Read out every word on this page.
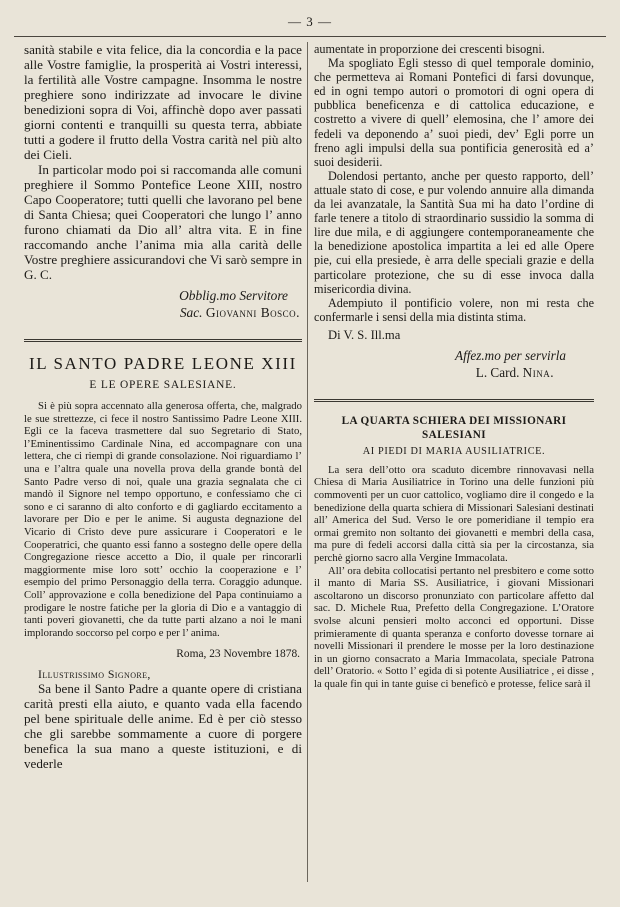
— 3 —

sanità stabile e vita felice, dia la concordia e la pace alle Vostre famiglie, la prosperità ai Vostri interessi, la fertilità alle Vostre campagne. Insomma le nostre preghiere sono indirizzate ad invocare le divine benedizioni sopra di Voi, affinchè dopo aver passati giorni contenti e tranquilli su questa terra, abbiate tutti a godere il frutto della Vostra carità nel più alto dei Cieli.

In particolar modo poi si raccomanda alle comuni preghiere il Sommo Pontefice Leone XIII, nostro Capo Cooperatore; tutti quelli che lavorano pel bene di Santa Chiesa; quei Cooperatori che lungo l’ anno furono chiamati da Dio all’ altra vita. E in fine raccomando anche l’anima mia alla carità delle Vostre preghiere assicurandovi che Vi sarò sempre in G. C.

Obblig.mo Servitore
Sac. Giovanni Bosco.
IL SANTO PADRE LEONE XIII
E LE OPERE SALESIANE.

Si è più sopra accennato alla generosa offerta, che, malgrado le sue strettezze, ci fece il nostro Santissimo Padre Leone XIII. Egli ce la faceva trasmettere dal suo Segretario di Stato, l’Eminentissimo Cardinale Nina, ed accompagnare con una lettera, che ci riempì di grande consolazione. Noi riguardiamo l’ una e l’altra quale una novella prova della grande bontà del Santo Padre verso di noi, quale una grazia segnalata che ci mandò il Signore nel tempo opportuno, e confessiamo che ci sono e ci saranno di alto conforto e di gagliardo eccitamento a lavorare per Dio e per le anime. Si augusta degnazione del Vicario di Cristo deve pure assicurare i Cooperatori e le Cooperatrici, che quanto essi fanno a sostegno delle opere della Congregazione riesce accetto a Dio, il quale per rincorarli maggiormente mise loro sott’ occhio la cooperazione e l’ esempio del primo Personaggio della terra. Coraggio adunque. Coll’ approvazione e colla benedizione del Papa continuiamo a prodigare le nostre fatiche per la gloria di Dio e a vantaggio di tanti poveri giovanetti, che da tutte parti alzano a noi le mani implorando soccorso pel corpo e per l’ anima.

Roma, 23 Novembre 1878.
Illustrissimo Signore,

Sa bene il Santo Padre a quante opere di cristiana carità presti ella aiuto, e quanto vada ella facendo pel bene spirituale delle anime. Ed è per ciò stesso che gli sarebbe sommamente a cuore di porgere benefica la sua mano a queste istituzioni, e di vederle

aumentate in proporzione dei crescenti bisogni.

Ma spogliato Egli stesso di quel temporale dominio, che permetteva ai Romani Pontefici di farsi dovunque, ed in ogni tempo autori o promotori di ogni opera di pubblica beneficenza e di cattolica educazione, e costretto a vivere di quell’ elemosina, che l’ amore dei fedeli va deponendo a’ suoi piedi, dev’ Egli porre un freno agli impulsi della sua pontificia generosità ed a’ suoi desiderii.

Dolendosi pertanto, anche per questo rapporto, dell’ attuale stato di cose, e pur volendo annuire alla dimanda da lei avanzatale, la Santità Sua mi ha dato l’ordine di farle tenere a titolo di straordinario sussidio la somma di lire due mila, e di aggiungere contemporaneamente che la benedizione apostolica impartita a lei ed alle Opere pie, cui ella presiede, è arra delle speciali grazie e della particolare protezione, che su di esse invoca dalla misericordia divina.

Adempiuto il pontificio volere, non mi resta che confermarle i sensi della mia distinta stima.

Di V. S. Ill.ma
Affez.mo per servirla
L. Card. Nina.
LA QUARTA SCHIERA DEI MISSIONARI SALESIANI
AI PIEDI DI MARIA AUSILIATRICE.

La sera dell’otto ora scaduto dicembre rinnovavasi nella Chiesa di Maria Ausiliatrice in Torino una delle funzioni più commoventi per un cuor cattolico, vogliamo dire il congedo e la benedizione della quarta schiera di Missionari Salesiani destinati all’ America del Sud. Verso le ore pomeridiane il tempio era ormai gremito non soltanto dei giovanetti e membri della casa, ma pure di fedeli accorsi dalla città sia per la circostanza, sia perchè giorno sacro alla Vergine Immacolata.

All’ ora debita collocatisi pertanto nel presbitero e come sotto il manto di Maria SS. Ausiliatrice, i giovani Missionari ascoltarono un discorso pronunziato con particolare affetto dal sac. D. Michele Rua, Prefetto della Congregazione. L’Oratore svolse alcuni pensieri molto acconci ed opportuni. Disse primieramente di quanta speranza e conforto dovesse tornare ai novelli Missionari il prendere le mosse per la loro destinazione in un giorno consacrato a Maria Immacolata, speciale Patrona dell’ Oratorio. « Sotto l’ egida di sì potente Ausiliatrice , ei disse , la quale fin qui in tante guise ci beneficò e protesse, felice sarà il
